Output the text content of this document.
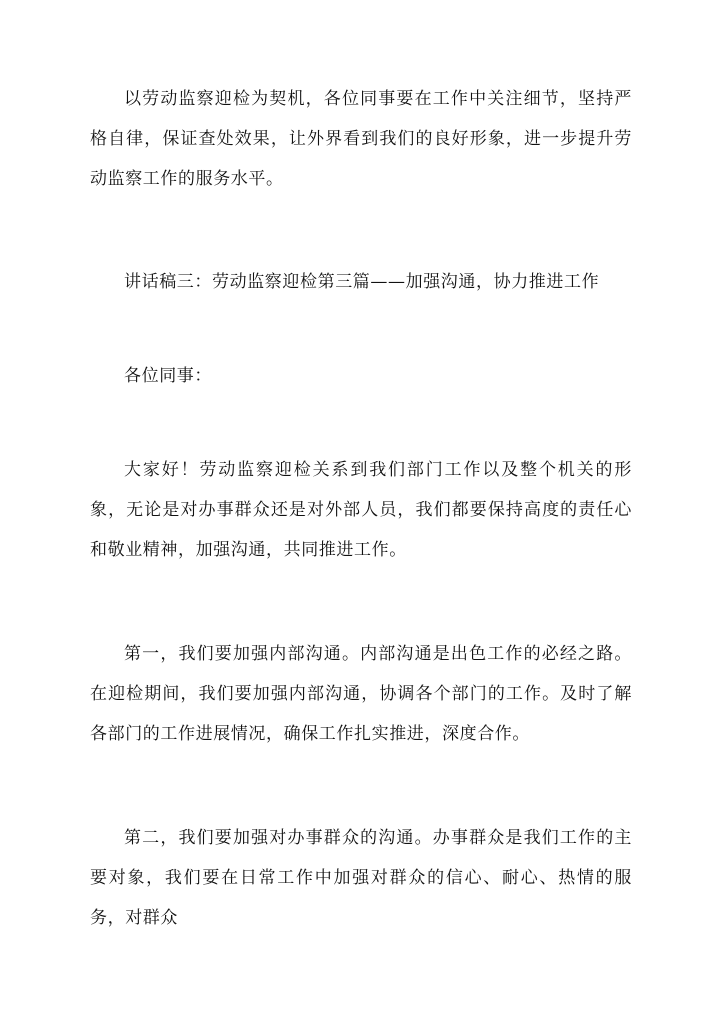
以劳动监察迎检为契机，各位同事要在工作中关注细节，坚持严格自律，保证查处效果，让外界看到我们的良好形象，进一步提升劳动监察工作的服务水平。

讲话稿三：劳动监察迎检第三篇——加强沟通，协力推进工作

各位同事：

大家好！劳动监察迎检关系到我们部门工作以及整个机关的形象，无论是对办事群众还是对外部人员，我们都要保持高度的责任心和敬业精神，加强沟通，共同推进工作。

第一，我们要加强内部沟通。内部沟通是出色工作的必经之路。在迎检期间，我们要加强内部沟通，协调各个部门的工作。及时了解各部门的工作进展情况，确保工作扎实推进，深度合作。

第二，我们要加强对办事群众的沟通。办事群众是我们工作的主要对象，我们要在日常工作中加强对群众的信心、耐心、热情的服务，对群众
